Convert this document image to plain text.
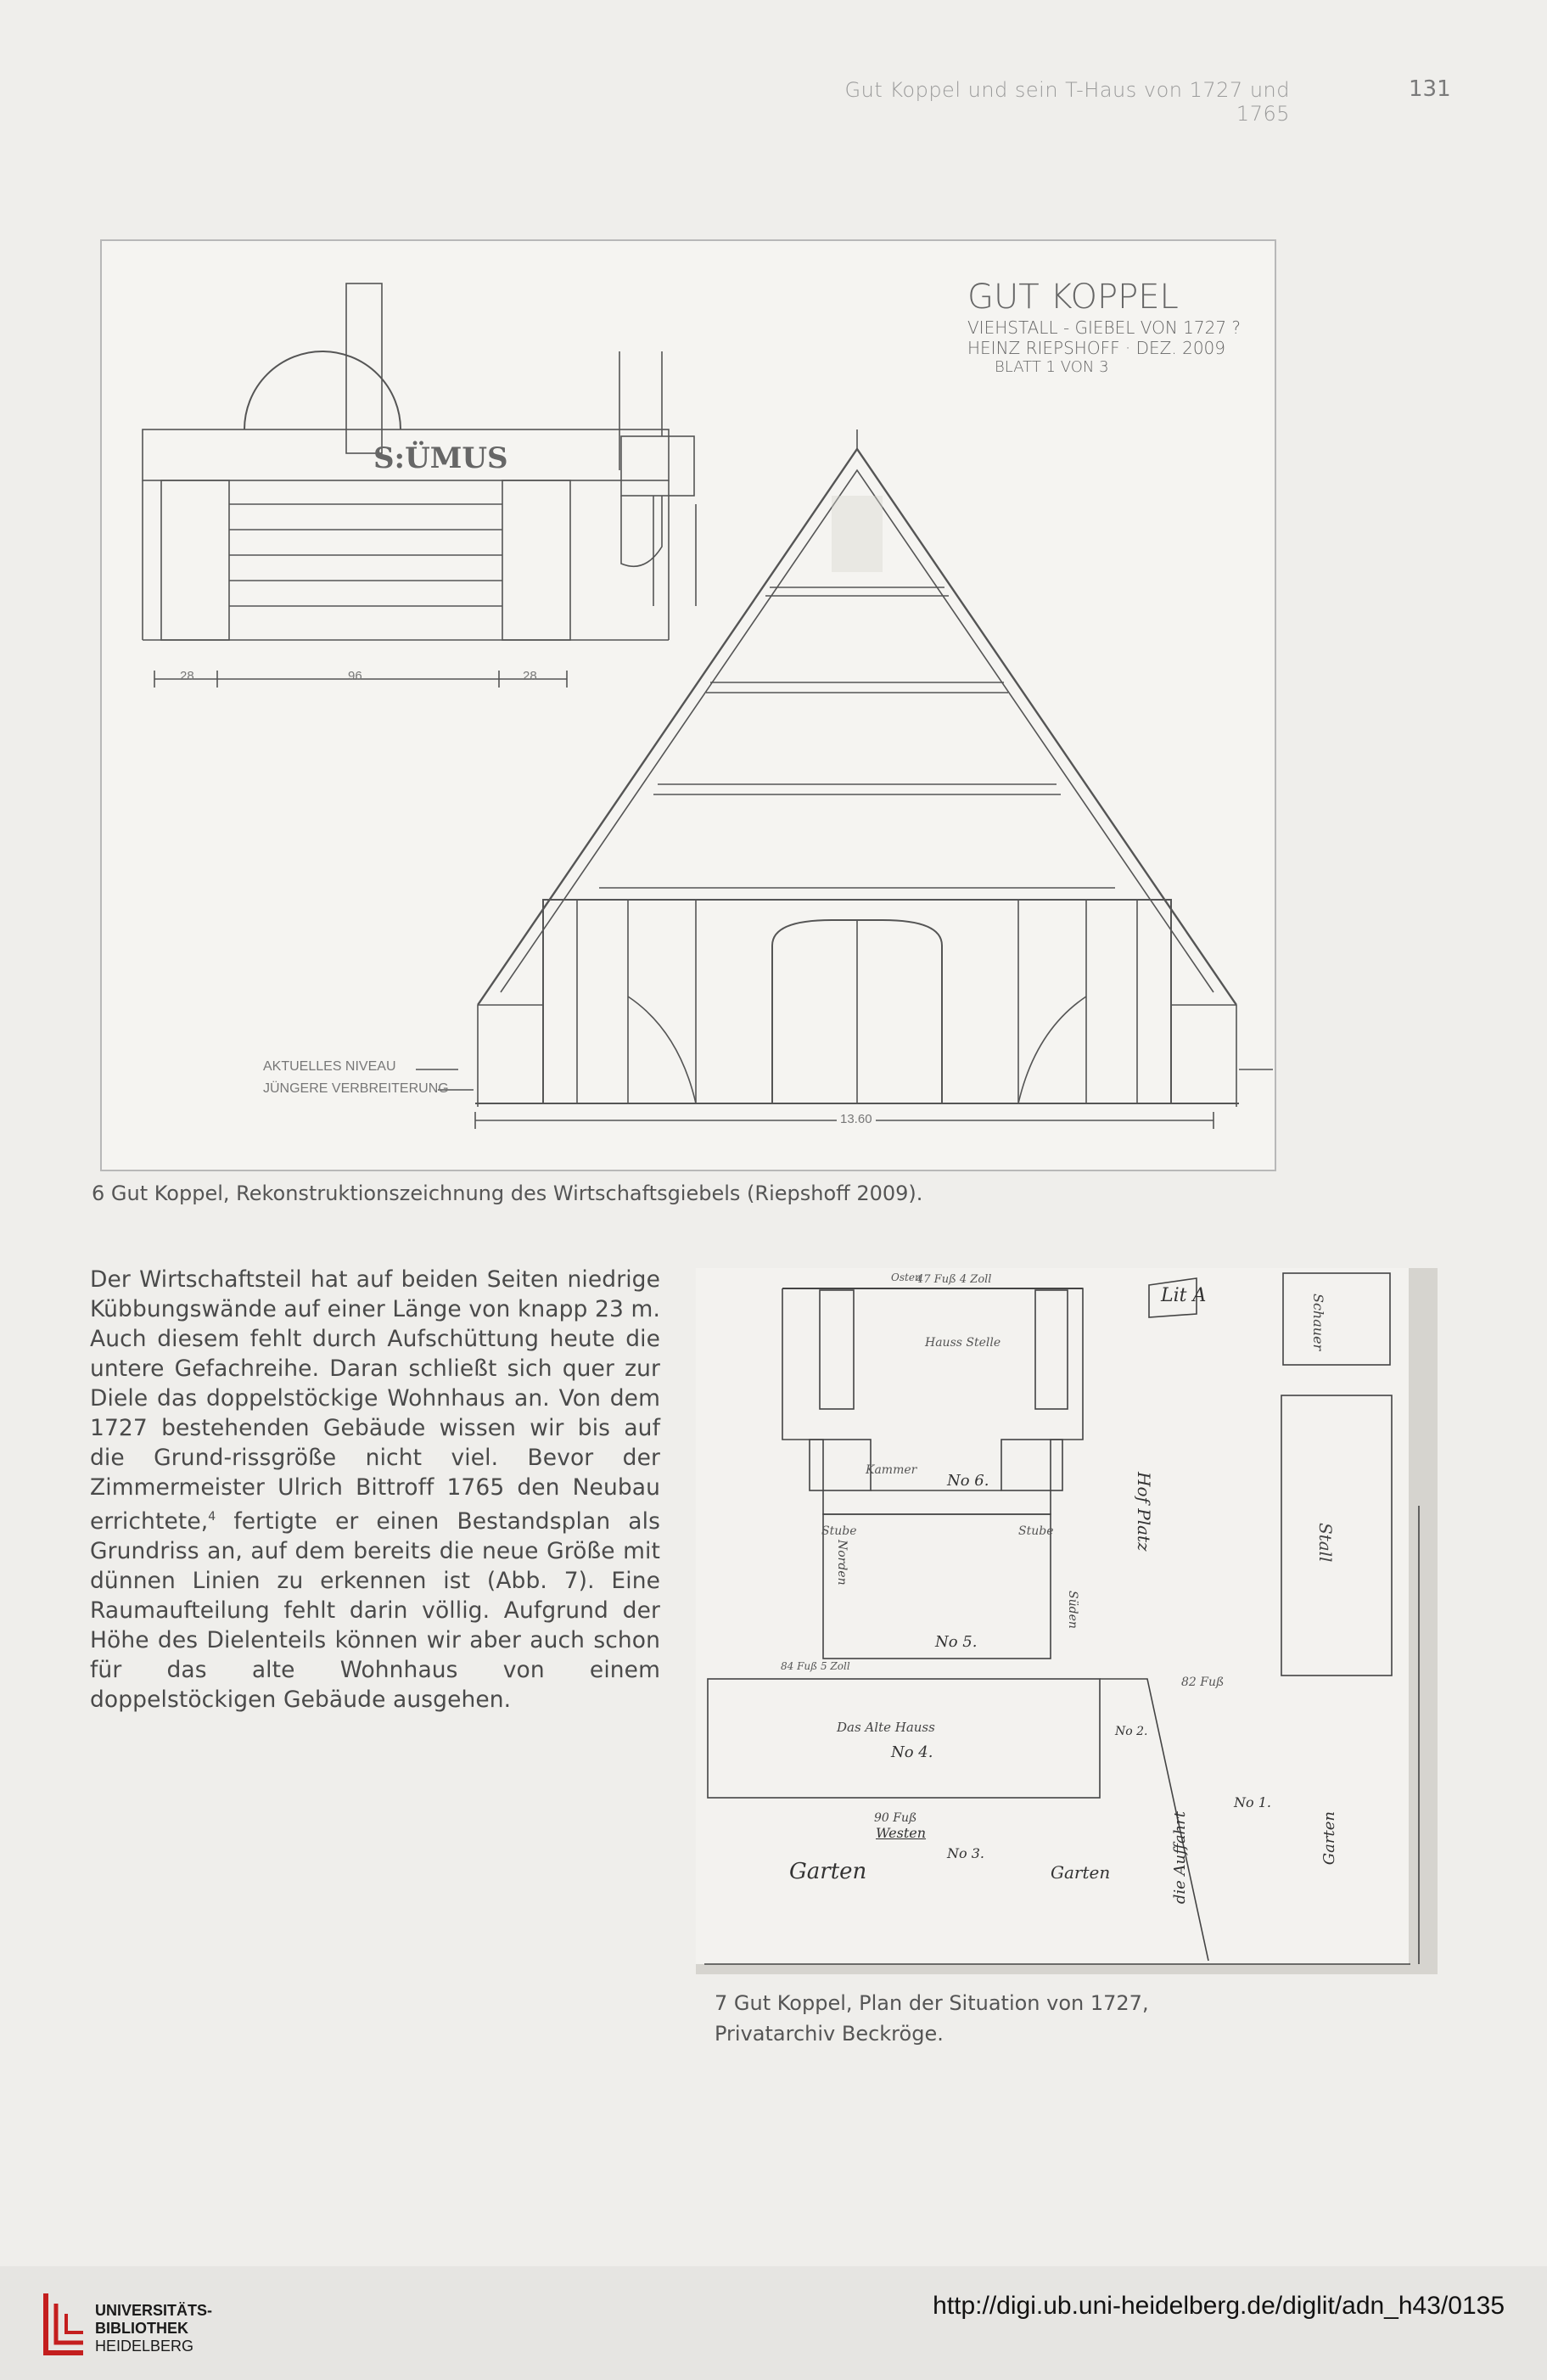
Gut Koppel und sein T-Haus von 1727 und 1765
131
GUT KOPPEL
VIEHSTALL - GIEBEL VON 1727 ?
HEINZ RIEPSHOFF · DEZ. 2009
BLATT 1 VON 3
S:ÜMUS
28	96	28
AKTUELLES NIVEAU
JÜNGERE VERBREITERUNG
13.60
6 Gut Koppel, Rekonstruktionszeichnung des Wirtschaftsgiebels (Riepshoff 2009).
Der Wirtschaftsteil hat auf beiden Seiten niedrige Kübbungswände auf einer Länge von knapp 23 m. Auch diesem fehlt durch Aufschüttung heute die untere Gefachreihe. Daran schließt sich quer zur Diele das doppelstöckige Wohnhaus an. Von dem 1727 bestehenden Gebäude wissen wir bis auf die Grund-rissgröße nicht viel. Bevor der Zimmermeister Ulrich Bittroff 1765 den Neubau errichtete,$^4$ fertigte er einen Bestandsplan als Grundriss an, auf dem bereits die neue Größe mit dünnen Linien zu erkennen ist (Abb. 7). Eine Raumaufteilung fehlt darin völlig. Aufgrund der Höhe des Dielenteils können wir aber auch schon für das alte Wohnhaus von einem doppelstöckigen Gebäude ausgehen.
Lit A
47 Fuß 4 Zoll
Osten
Hauss Stelle
Kammer
No 6.
Stube	Stube
Norden
No 5.
Süden
Hof Platz
Schauer
Stall
84 Fuß 5 Zoll
82 Fuß
Das Alte Hauss
No 4.
No 2.
No 1.
die Auffahrt	Garten
90 Fuß
Westen
No 3.
Garten	Garten
7 Gut Koppel, Plan der Situation von 1727, Privatarchiv Beckröge.
UNIVERSITÄTS-
BIBLIOTHEK
HEIDELBERG
http://digi.ub.uni-heidelberg.de/diglit/adn_h43/0135
